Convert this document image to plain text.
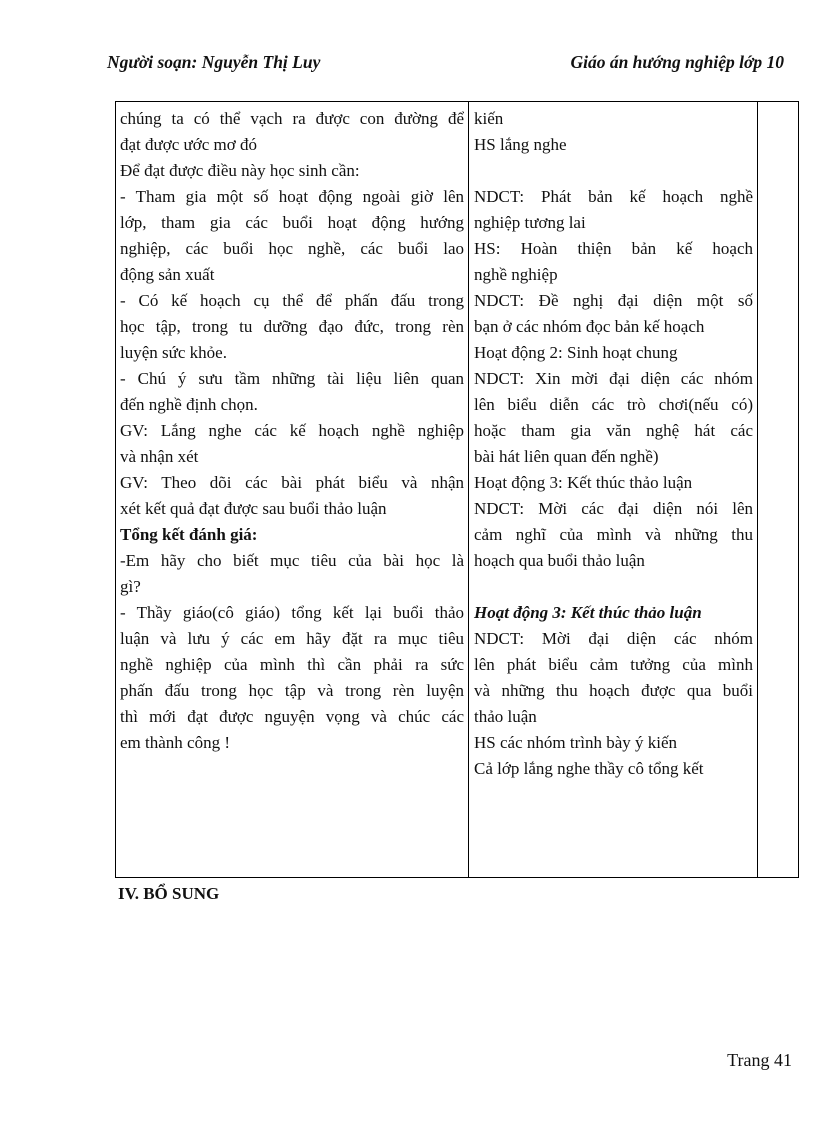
Người soạn: Nguyễn Thị Luy	Giáo án hướng nghiệp lớp 10
chúng ta có thể vạch ra được con đường để
đạt được ước mơ đó
Để đạt được điều này học sinh cần:
- Tham gia một số hoạt động ngoài giờ lên
lớp, tham gia các buổi hoạt động hướng
nghiệp, các buổi học nghề, các buổi lao
động sản xuất
- Có kế hoạch cụ thể để phấn đấu trong
học tập, trong tu dưỡng đạo đức, trong rèn
luyện sức khỏe.
- Chú ý sưu tầm những tài liệu liên quan
đến nghề định chọn.
GV: Lắng nghe các kế hoạch nghề nghiệp
và nhận xét
GV: Theo dõi các bài phát biểu và nhận
xét kết quả đạt được sau buổi thảo luận
Tổng kết đánh giá:
-Em hãy cho biết mục tiêu của bài học là
gì?
- Thầy giáo(cô giáo) tổng kết lại buổi thảo
luận và lưu ý các em hãy đặt ra mục tiêu
nghề nghiệp của mình thì cần phải ra sức
phấn đấu trong học tập và trong rèn luyện
thì mới đạt được nguyện vọng và chúc các
em thành công !
kiến
HS lắng nghe
NDCT: Phát bản kế hoạch nghề
nghiệp tương lai
HS: Hoàn thiện bản kế hoạch
nghề nghiệp
NDCT: Đề nghị đại diện một số
bạn ở các nhóm đọc bản kế hoạch
Hoạt động 2: Sinh hoạt chung
NDCT: Xin mời đại diện các nhóm
lên biểu diễn các trò chơi(nếu có)
hoặc tham gia văn nghệ hát các
bài hát liên quan đến nghề)
Hoạt động 3: Kết thúc thảo luận
NDCT: Mời các đại diện nói lên
cảm nghĩ của mình và những thu
hoạch qua buổi thảo luận
Hoạt động 3: Kết thúc thảo luận
NDCT: Mời đại diện các nhóm
lên phát biểu cảm tưởng của mình
và những thu hoạch được qua buổi
thảo luận
HS các nhóm trình bày ý kiến
Cả lớp lắng nghe thầy cô tổng kết
IV. BỔ SUNG
Trang 41
